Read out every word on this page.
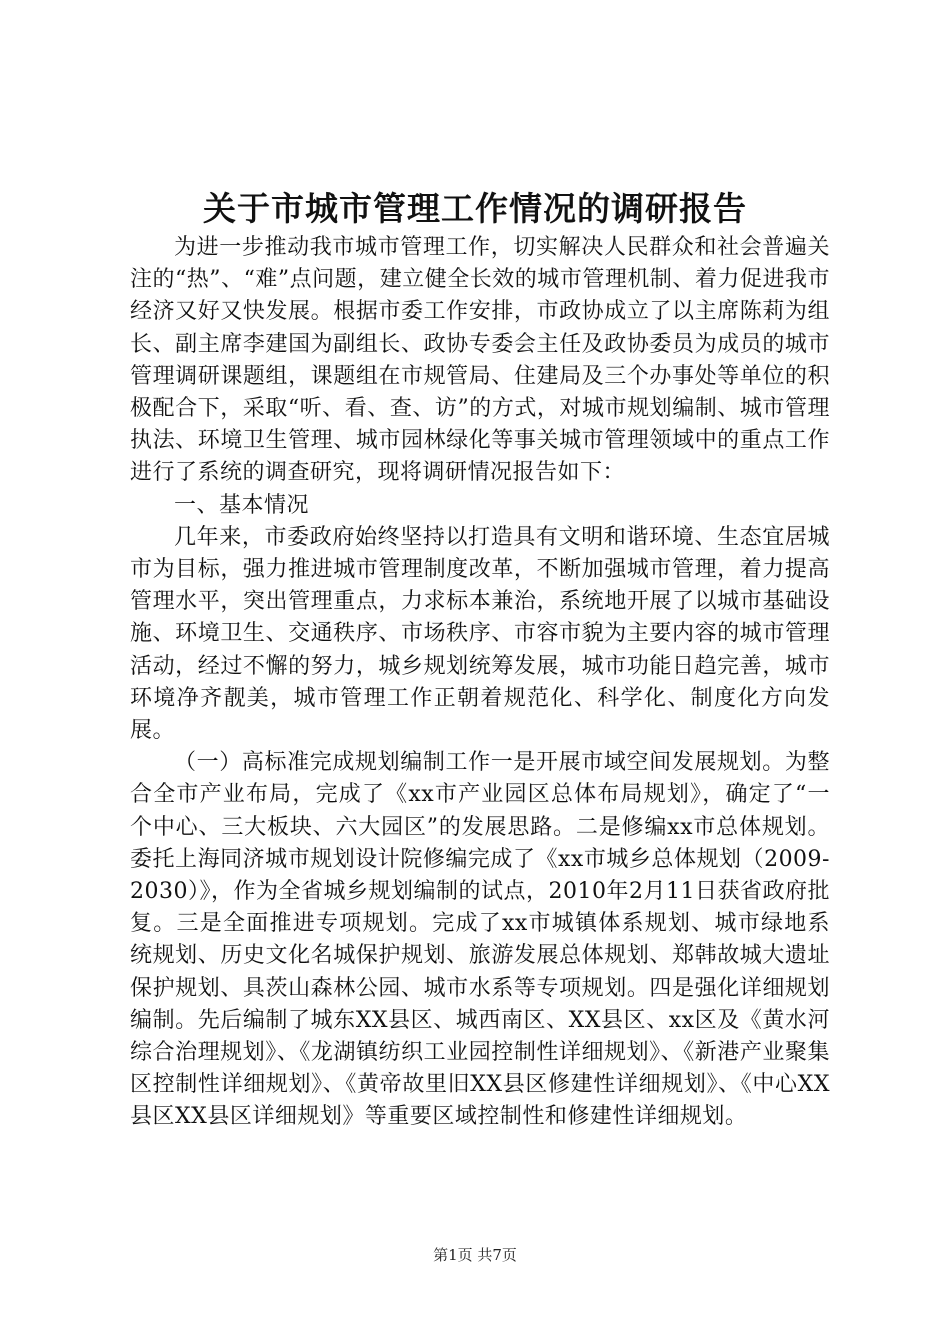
关于市城市管理工作情况的调研报告

为进一步推动我市城市管理工作，切实解决人民群众和社会普遍关注的“热”、“难”点问题，建立健全长效的城市管理机制、着力促进我市经济又好又快发展。根据市委工作安排，市政协成立了以主席陈莉为组长、副主席李建国为副组长、政协专委会主任及政协委员为成员的城市管理调研课题组，课题组在市规管局、住建局及三个办事处等单位的积极配合下，采取“听、看、查、访”的方式，对城市规划编制、城市管理执法、环境卫生管理、城市园林绿化等事关城市管理领域中的重点工作进行了系统的调查研究，现将调研情况报告如下：

一、基本情况

几年来，市委政府始终坚持以打造具有文明和谐环境、生态宜居城市为目标，强力推进城市管理制度改革，不断加强城市管理，着力提高管理水平，突出管理重点，力求标本兼治，系统地开展了以城市基础设施、环境卫生、交通秩序、市场秩序、市容市貌为主要内容的城市管理活动，经过不懈的努力，城乡规划统筹发展，城市功能日趋完善，城市环境净齐靓美，城市管理工作正朝着规范化、科学化、制度化方向发展。

（一）高标准完成规划编制工作一是开展市域空间发展规划。为整合全市产业布局，完成了《xx市产业园区总体布局规划》，确定了“一个中心、三大板块、六大园区”的发展思路。二是修编xx市总体规划。委托上海同济城市规划设计院修编完成了《xx市城乡总体规划（2009-2030）》，作为全省城乡规划编制的试点，2010年2月11日获省政府批复。三是全面推进专项规划。完成了xx市城镇体系规划、城市绿地系统规划、历史文化名城保护规划、旅游发展总体规划、郑韩故城大遗址保护规划、具茨山森林公园、城市水系等专项规划。四是强化详细规划编制。先后编制了城东XX县区、城西南区、XX县区、xx区及《黄水河综合治理规划》、《龙湖镇纺织工业园控制性详细规划》、《新港产业聚集区控制性详细规划》、《黄帝故里旧XX县区修建性详细规划》、《中心XX县区XX县区详细规划》等重要区域控制性和修建性详细规划。

第1页 共7页
